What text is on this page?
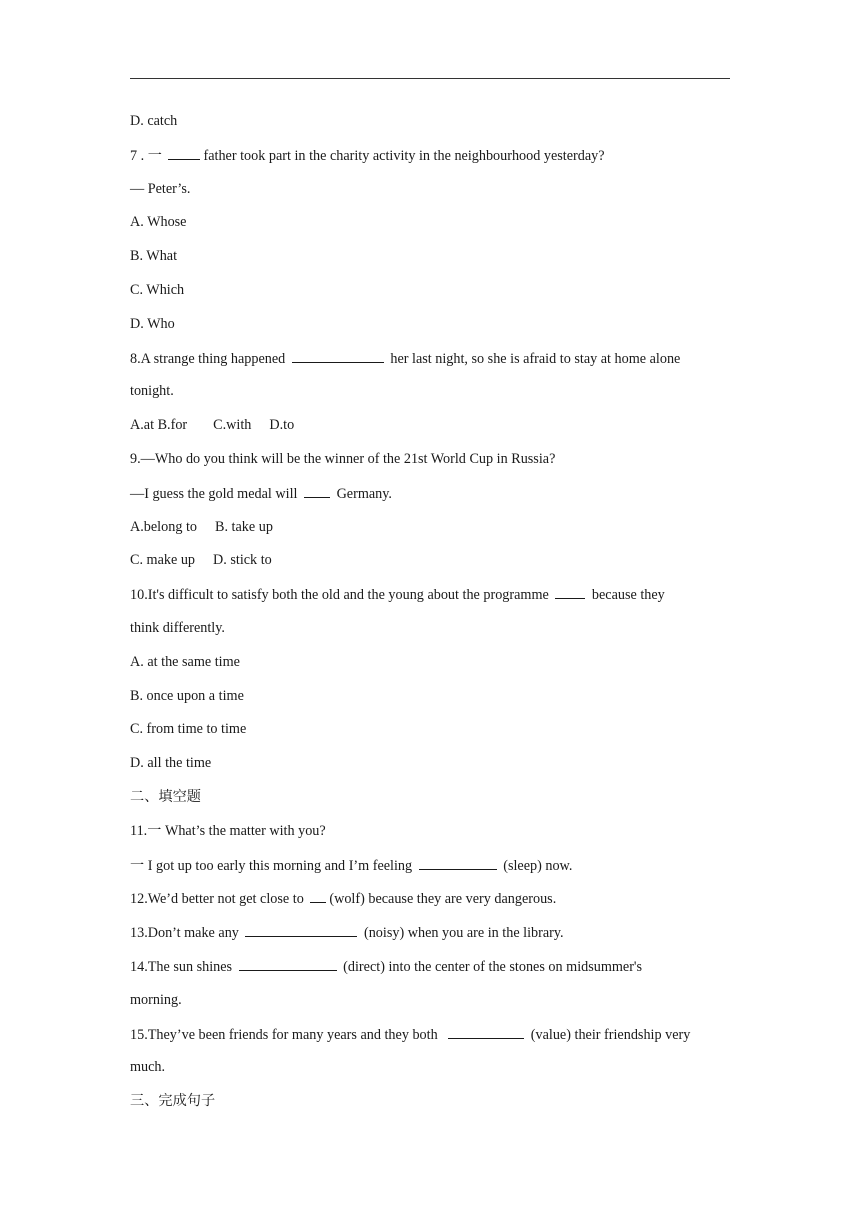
D. catch
7 . 一	father took part in the charity activity in the neighbourhood yesterday?
— Peter’s.
A. Whose
B. What
C. Which
D. Who
8.A strange thing happened	her last night, so she is afraid to stay at home alone
tonight.
A.at B.for C.with D.to
9.—Who do you think will be the winner of the 21st World Cup in Russia?
—I guess the gold medal will  Germany.
A.belong to B. take up
C. make up D. stick to
10.It's difficult to satisfy both the old and the young about the programme	because they
think differently.
A. at the same time
B. once upon a time
C. from time to time
D. all the time
二、填空题
11.一 What’s the matter with you?
一 I got up too early this morning and I’m feeling	(sleep) now.
12.We’d better not get close to (wolf) because they are very dangerous.
13.Don’t make any	(noisy) when you are in the library.
14.The sun shines	(direct) into the center of the stones on midsummer's
morning.
15.They’ve been friends for many years and they both	(value) their friendship very
much.
三、完成句子
